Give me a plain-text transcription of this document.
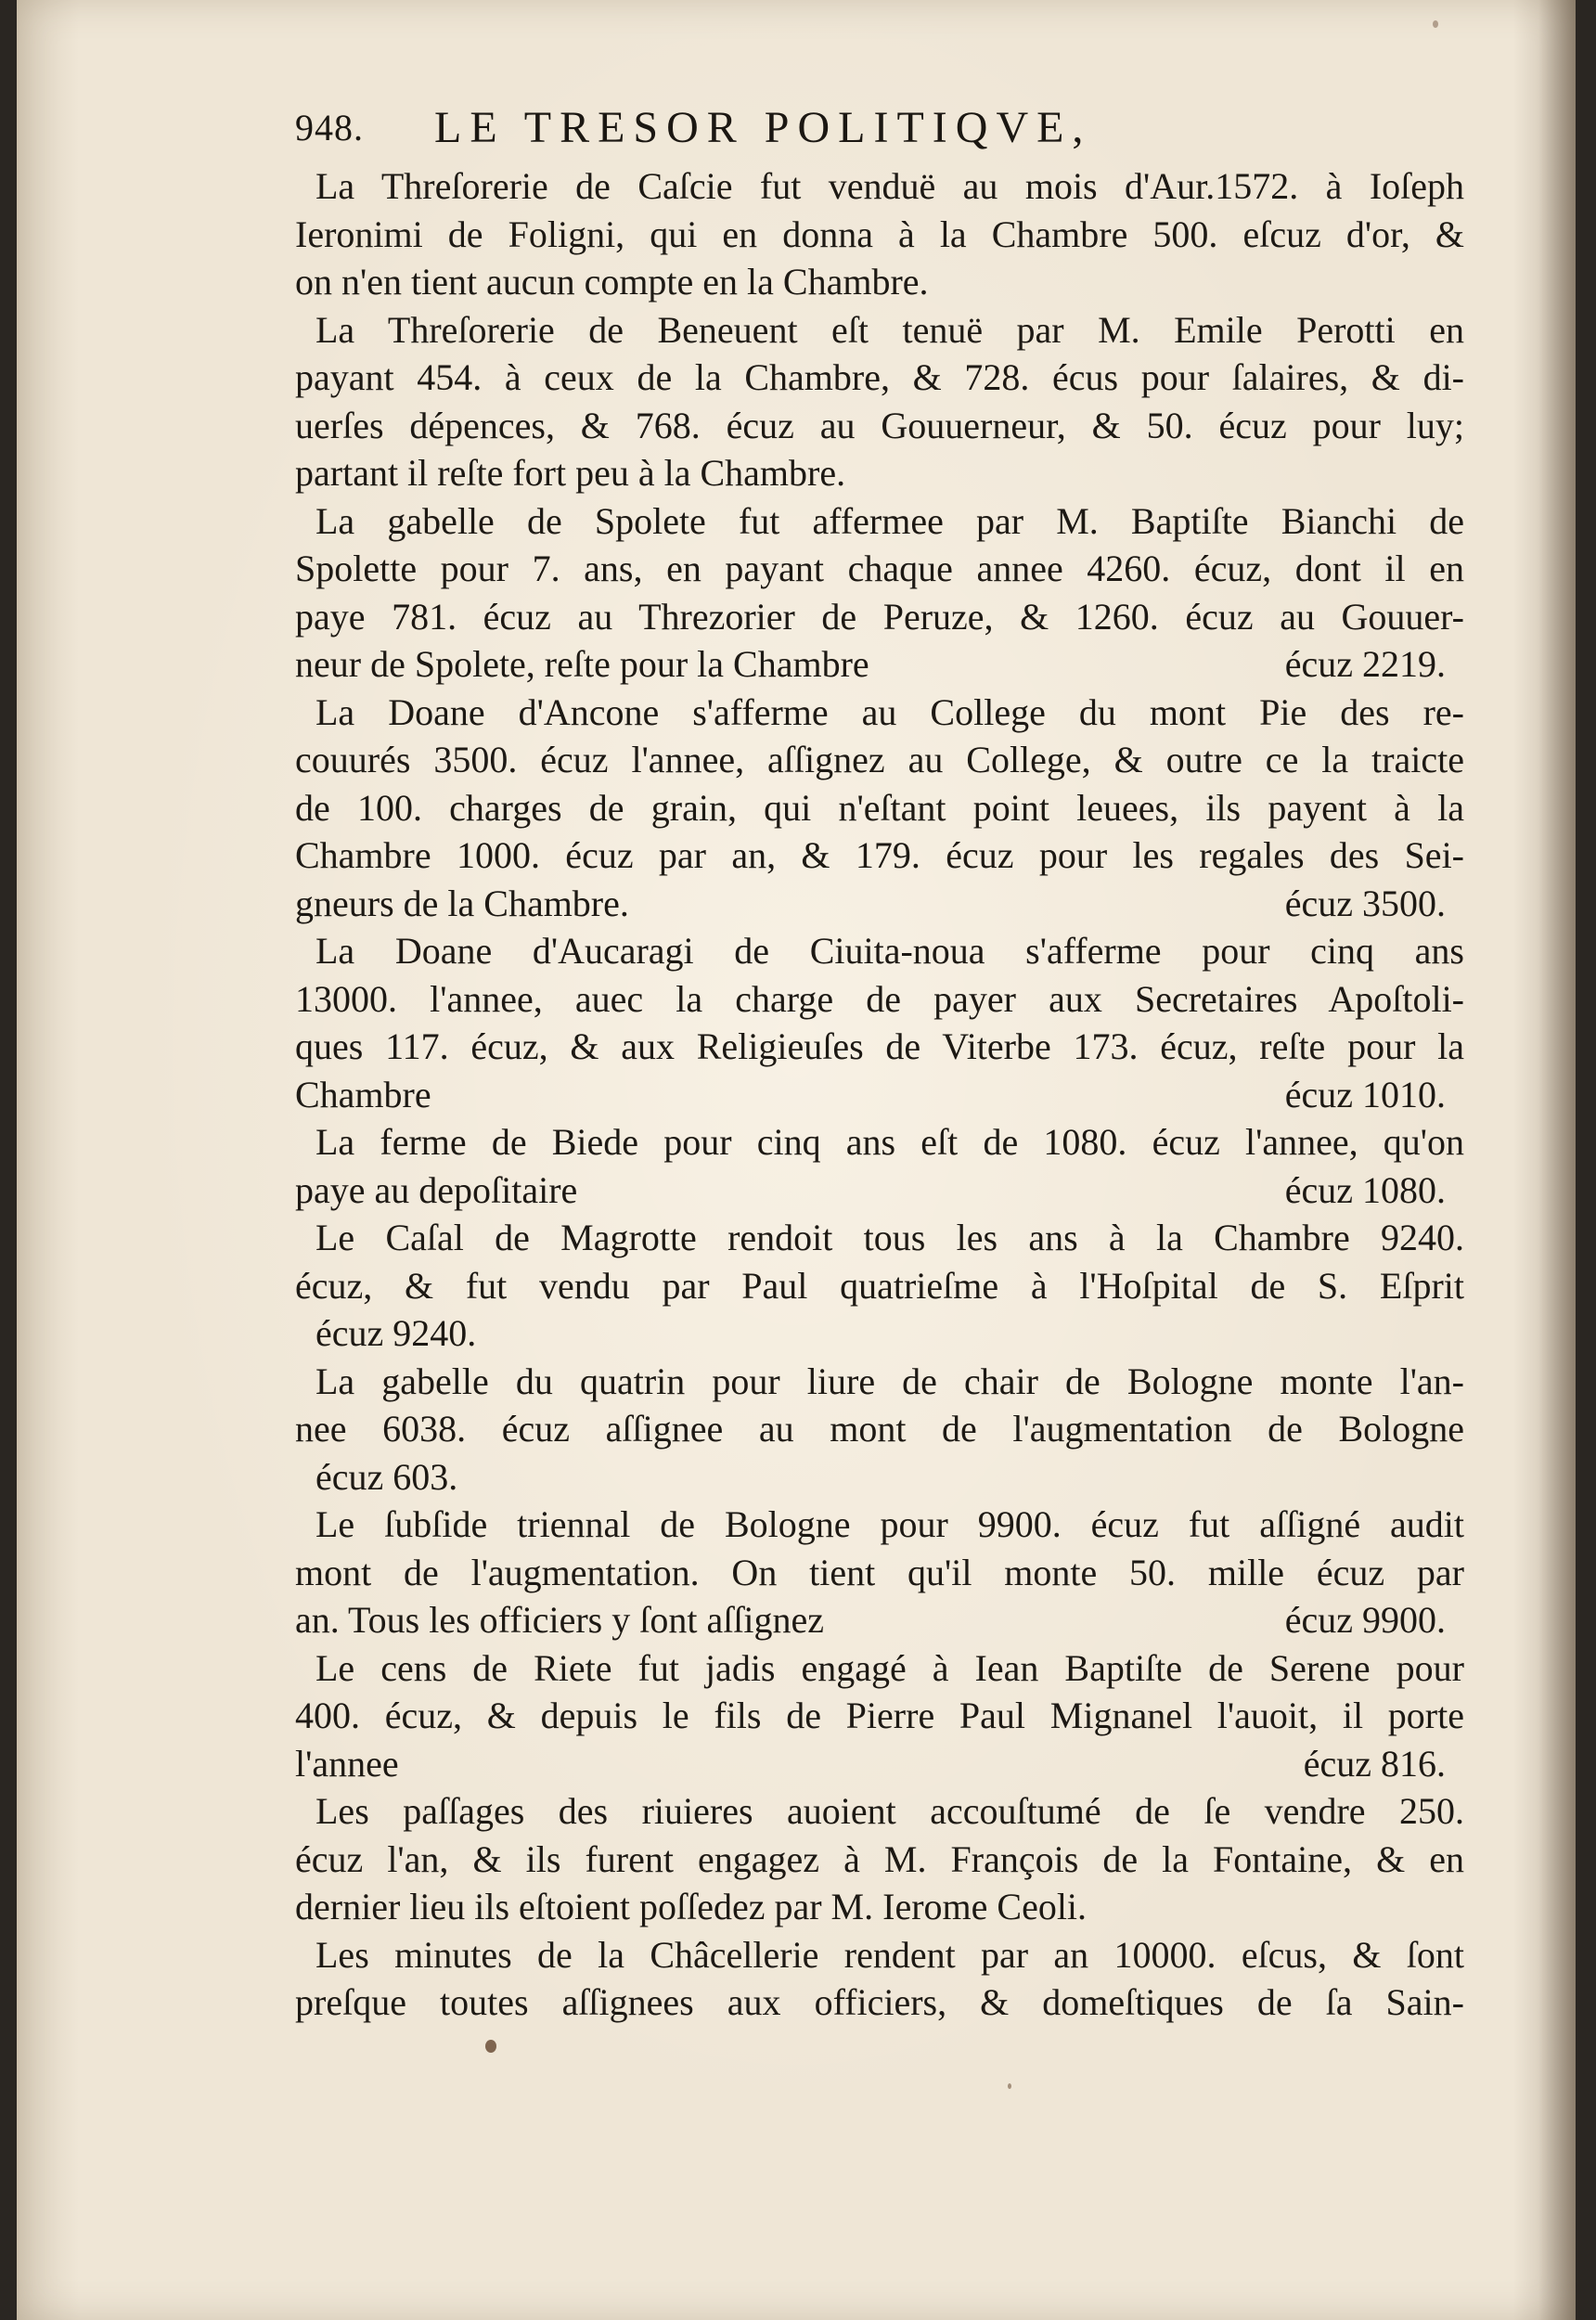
948. LE TRESOR POLITIQVE,
La Threſorerie de Caſcie fut venduë au mois d'Aur.1572. à Ioſeph
Ieronimi de Foligni, qui en donna à la Chambre 500. eſcuz d'or, &
on n'en tient aucun compte en la Chambre.
La Threſorerie de Beneuent eſt tenuë par M. Emile Perotti en
payant 454. à ceux de la Chambre, & 728. écus pour ſalaires, & di-
uerſes dépences, & 768. écuz au Gouuerneur, & 50. écuz pour luy;
partant il reſte fort peu à la Chambre.
La gabelle de Spolete fut affermee par M. Baptiſte Bianchi de
Spolette pour 7. ans, en payant chaque annee 4260. écuz, dont il en
paye 781. écuz au Threzorier de Peruze, & 1260. écuz au Gouuer-
neur de Spolete, reſte pour la Chambre	écuz 2219.
La Doane d'Ancone s'afferme au College du mont Pie des re-
couurés 3500. écuz l'annee, aſſignez au College, & outre ce la traicte
de 100. charges de grain, qui n'eſtant point leuees, ils payent à la
Chambre 1000. écuz par an, & 179. écuz pour les regales des Sei-
gneurs de la Chambre.	écuz 3500.
La Doane d'Aucaragi de Ciuita-noua s'afferme pour cinq ans
13000. l'annee, auec la charge de payer aux Secretaires Apoſtoli-
ques 117. écuz, & aux Religieuſes de Viterbe 173. écuz, reſte pour la
Chambre	écuz 1010.
La ferme de Biede pour cinq ans eſt de 1080. écuz l'annee, qu'on
paye au depoſitaire	écuz 1080.
Le Caſal de Magrotte rendoit tous les ans à la Chambre 9240.
écuz, & fut vendu par Paul quatrieſme à l'Hoſpital de S. Eſprit
écuz 9240.
La gabelle du quatrin pour liure de chair de Bologne monte l'an-
nee 6038. écuz aſſignee au mont de l'augmentation de Bologne
écuz 603.
Le ſubſide triennal de Bologne pour 9900. écuz fut aſſigné audit
mont de l'augmentation. On tient qu'il monte 50. mille écuz par
an. Tous les officiers y ſont aſſignez	écuz 9900.
Le cens de Riete fut jadis engagé à Iean Baptiſte de Serene pour
400. écuz, & depuis le fils de Pierre Paul Mignanel l'auoit, il porte
l'annee	écuz 816.
Les paſſages des riuieres auoient accouſtumé de ſe vendre 250.
écuz l'an, & ils furent engagez à M. François de la Fontaine, & en
dernier lieu ils eſtoient poſſedez par M. Ierome Ceoli.
Les minutes de la Châcellerie rendent par an 10000. eſcus, & ſont
preſque toutes aſſignees aux officiers, & domeſtiques de ſa Sain-
